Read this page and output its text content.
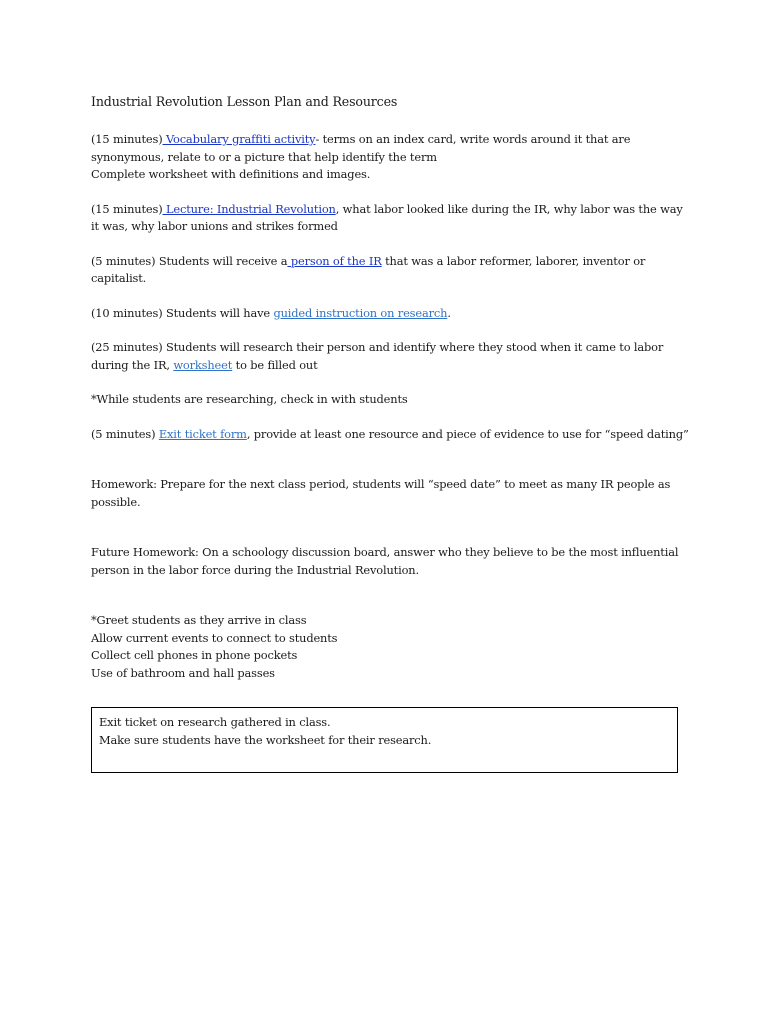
Industrial Revolution Lesson Plan and Resources

(15 minutes) Vocabulary graffiti activity- terms on an index card, write words around it that are synonymous, relate to or a picture that help identify the term

Complete worksheet with definitions and images.

(15 minutes) Lecture: Industrial Revolution, what labor looked like during the IR, why labor was the way it was, why labor unions and strikes formed

(5 minutes) Students will receive a person of the IR that was a labor reformer, laborer, inventor or capitalist.

(10 minutes) Students will have guided instruction on research.

(25 minutes) Students will research their person and identify where they stood when it came to labor during the IR, worksheet to be filled out

*While students are researching, check in with students

(5 minutes) Exit ticket form, provide at least one resource and piece of evidence to use for “speed dating”

Homework: Prepare for the next class period, students will “speed date” to meet as many IR people as possible.

Future Homework: On a schoology discussion board, answer who they believe to be the most influential person in the labor force during the Industrial Revolution.

*Greet students as they arrive in class

Allow current events to connect to students

Collect cell phones in phone pockets

Use of bathroom and hall passes

Exit ticket on research gathered in class.

Make sure students have the worksheet for their research.
